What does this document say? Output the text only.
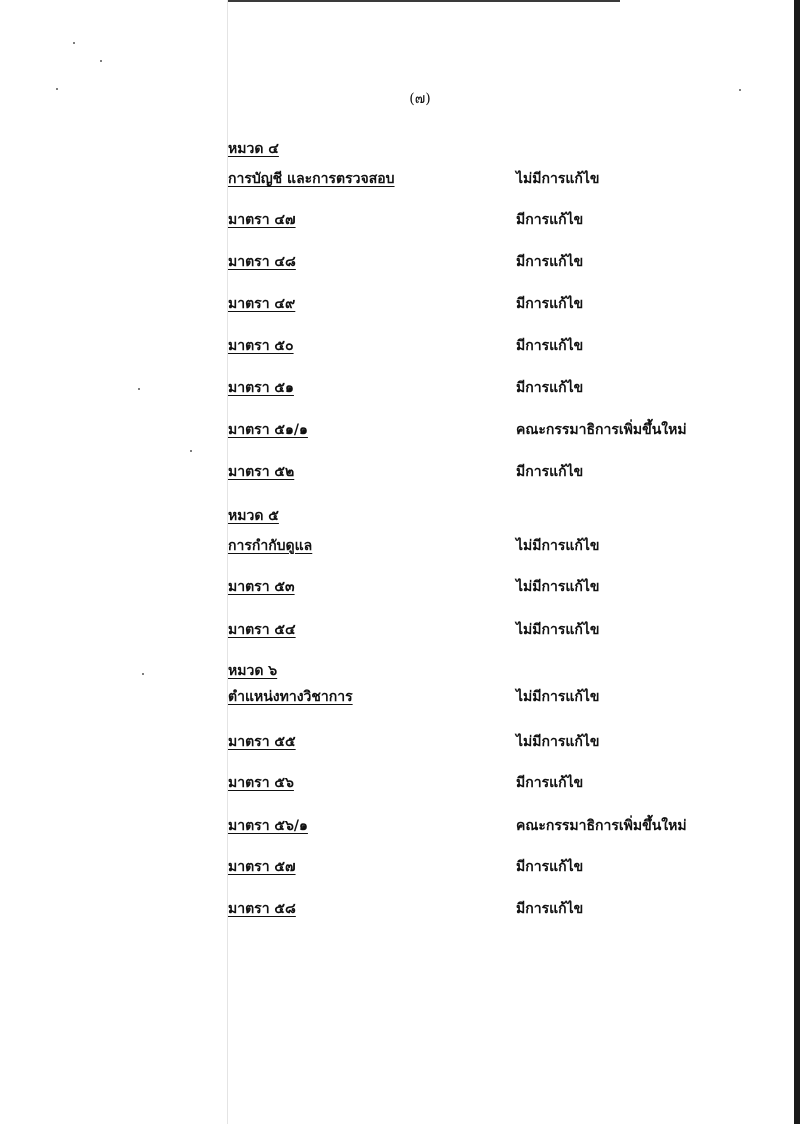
(๗)
หมวด ๔
การบัญชี และการตรวจสอบ	ไม่มีการแก้ไข
มาตรา ๔๗	มีการแก้ไข
มาตรา ๔๘	มีการแก้ไข
มาตรา ๔๙	มีการแก้ไข
มาตรา ๕๐	มีการแก้ไข
มาตรา ๕๑	มีการแก้ไข
มาตรา ๕๑/๑	คณะกรรมาธิการเพิ่มขึ้นใหม่
มาตรา ๕๒	มีการแก้ไข
หมวด ๕
การกำกับดูแล	ไม่มีการแก้ไข
มาตรา ๕๓	ไม่มีการแก้ไข
มาตรา ๕๔	ไม่มีการแก้ไข
หมวด ๖
ตำแหน่งทางวิชาการ	ไม่มีการแก้ไข
มาตรา ๕๕	ไม่มีการแก้ไข
มาตรา ๕๖	มีการแก้ไข
มาตรา ๕๖/๑	คณะกรรมาธิการเพิ่มขึ้นใหม่
มาตรา ๕๗	มีการแก้ไข
มาตรา ๕๘	มีการแก้ไข
